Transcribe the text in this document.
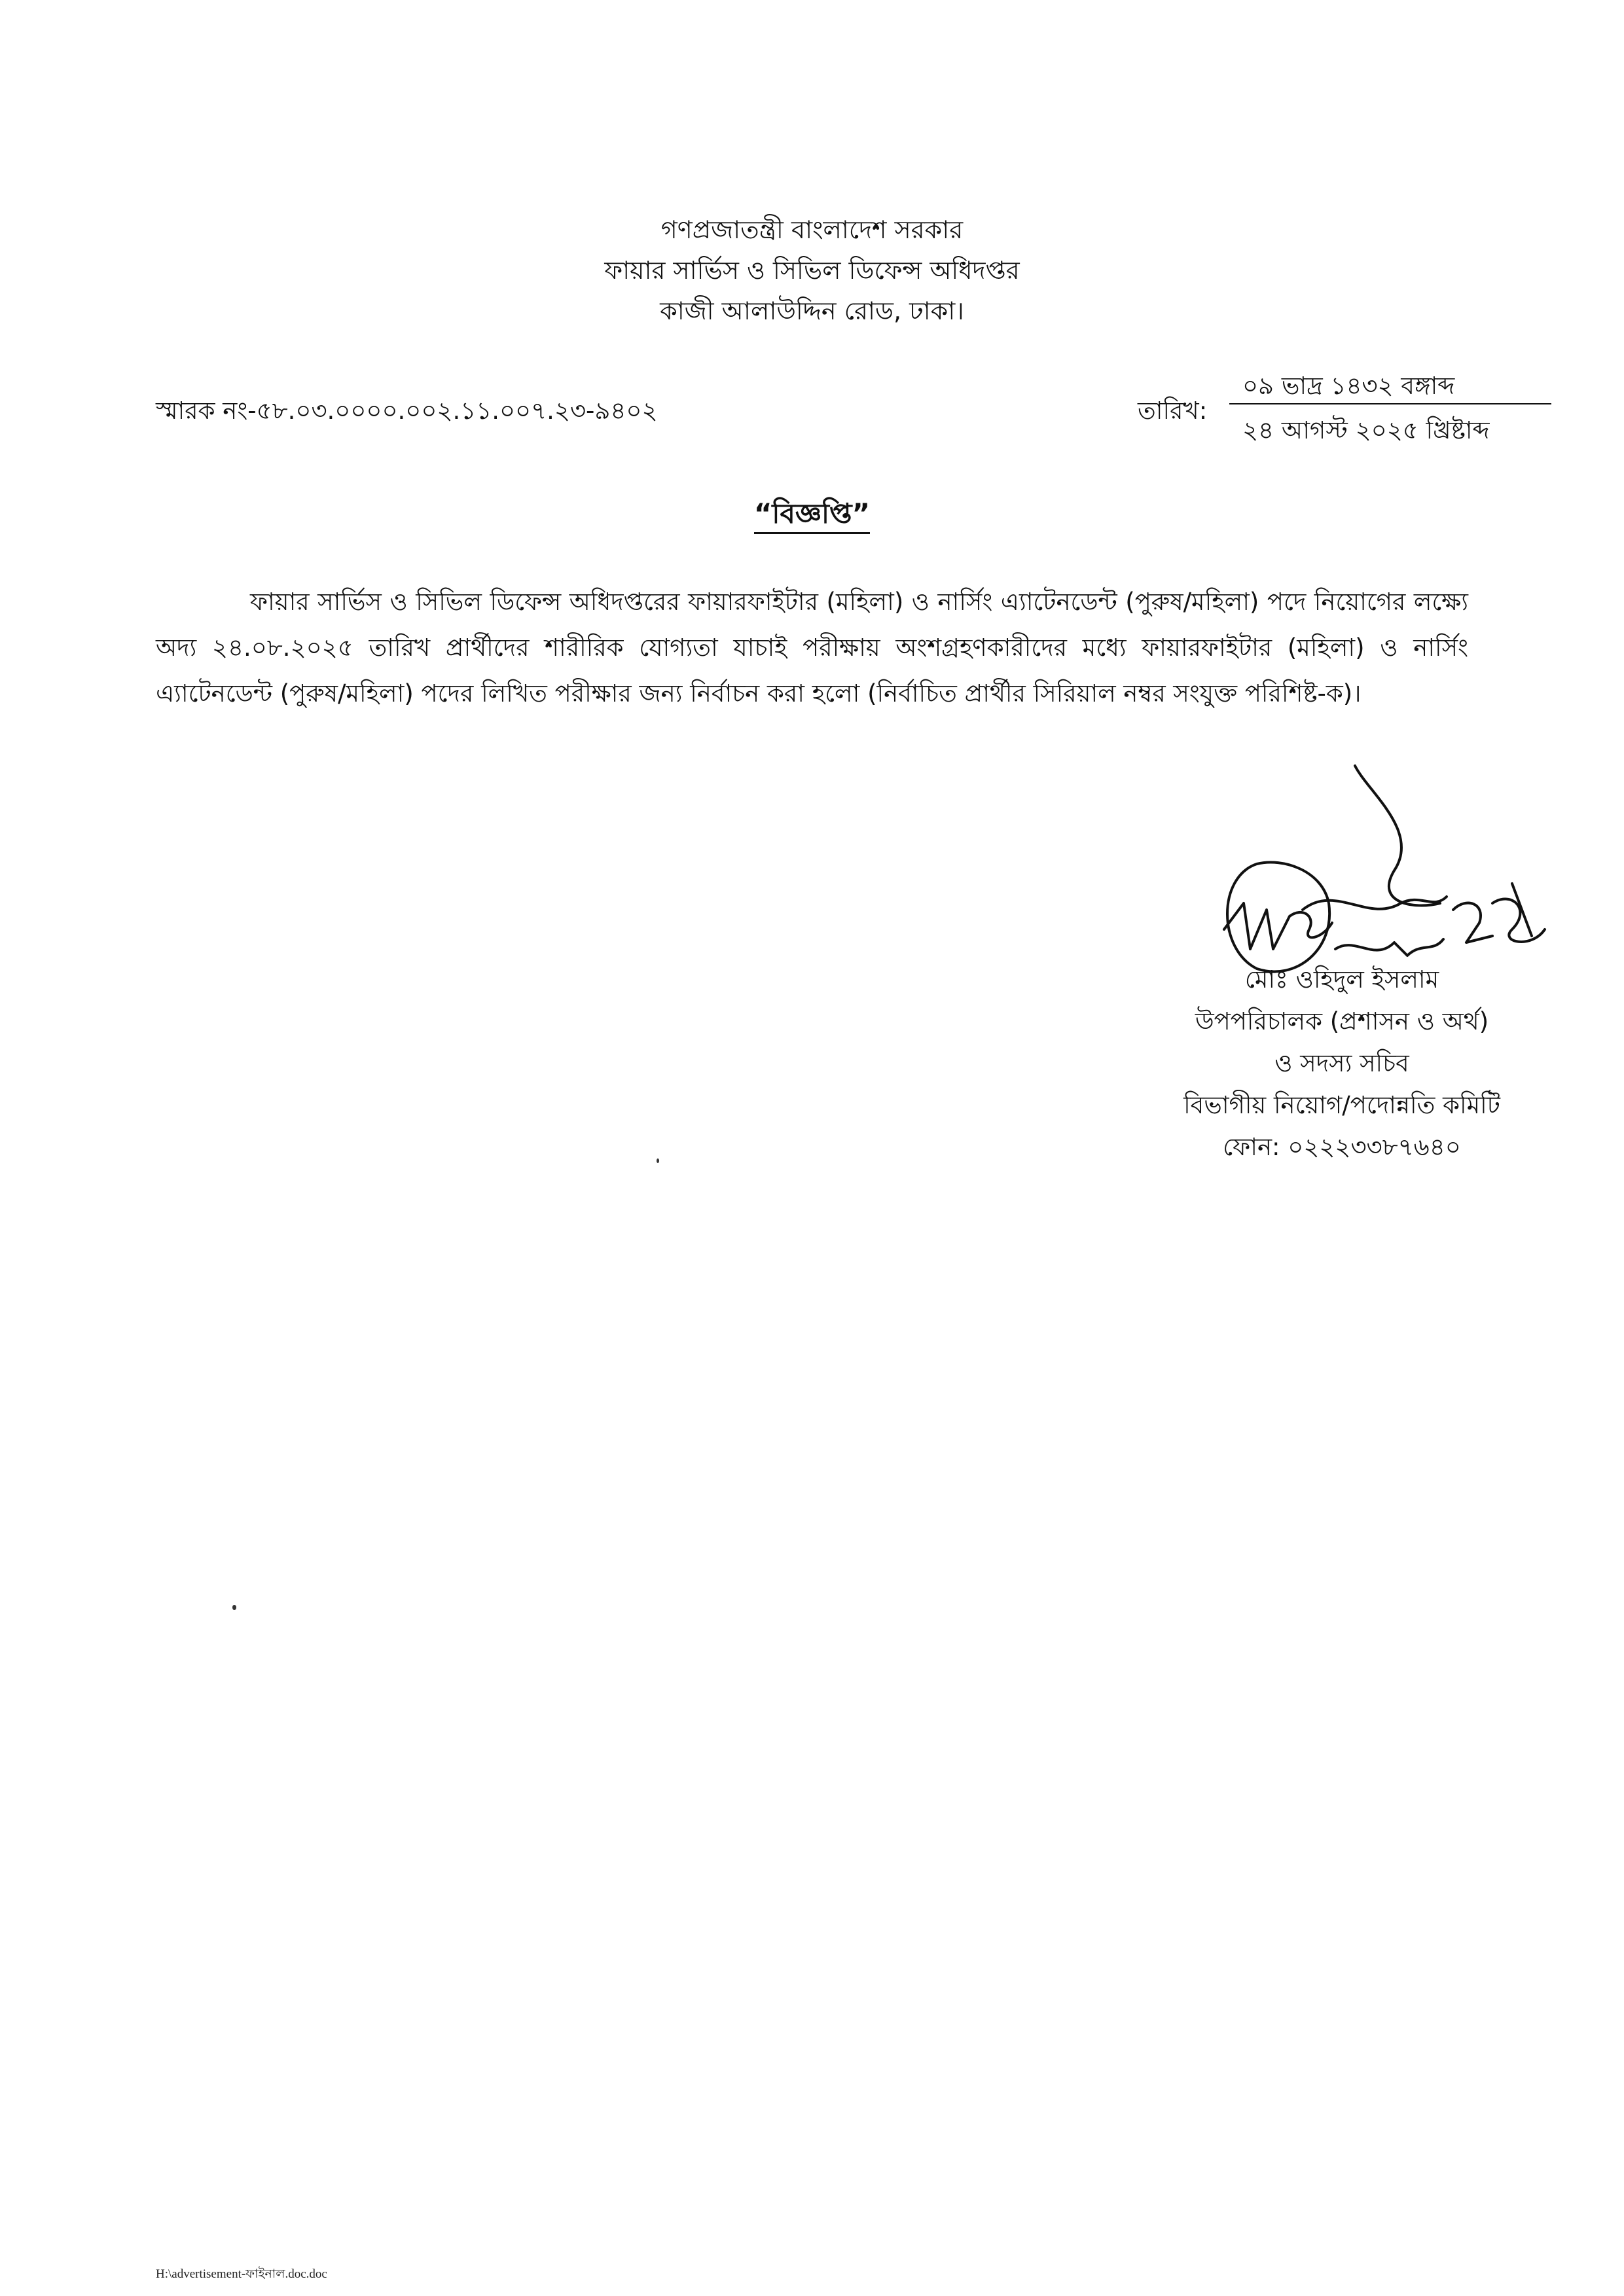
গণপ্রজাতন্ত্রী বাংলাদেশ সরকার
ফায়ার সার্ভিস ও সিভিল ডিফেন্স অধিদপ্তর
কাজী আলাউদ্দিন রোড, ঢাকা।
স্মারক নং-৫৮.০৩.০০০০.০০২.১১.০০৭.২৩-৯৪০২	তারিখ:
০৯ ভাদ্র ১৪৩২ বঙ্গাব্দ
২৪ আগস্ট ২০২৫ খ্রিষ্টাব্দ
“বিজ্ঞপ্তি”
ফায়ার সার্ভিস ও সিভিল ডিফেন্স অধিদপ্তরের ফায়ারফাইটার (মহিলা) ও নার্সিং এ্যাটেনডেন্ট (পুরুষ/মহিলা) পদে নিয়োগের লক্ষ্যে অদ্য ২৪.০৮.২০২৫ তারিখ প্রার্থীদের শারীরিক যোগ্যতা যাচাই পরীক্ষায় অংশগ্রহণকারীদের মধ্যে ফায়ারফাইটার (মহিলা) ও নার্সিং এ্যাটেনডেন্ট (পুরুষ/মহিলা) পদের লিখিত পরীক্ষার জন্য নির্বাচন করা হলো (নির্বাচিত প্রার্থীর সিরিয়াল নম্বর সংযুক্ত পরিশিষ্ট-ক)।
মোঃ ওহিদুল ইসলাম
উপপরিচালক (প্রশাসন ও অর্থ)
ও সদস্য সচিব
বিভাগীয় নিয়োগ/পদোন্নতি কমিটি
ফোন: ০২২২৩৩৮৭৬৪০
H:\advertisement-ফাইনাল.doc.doc
